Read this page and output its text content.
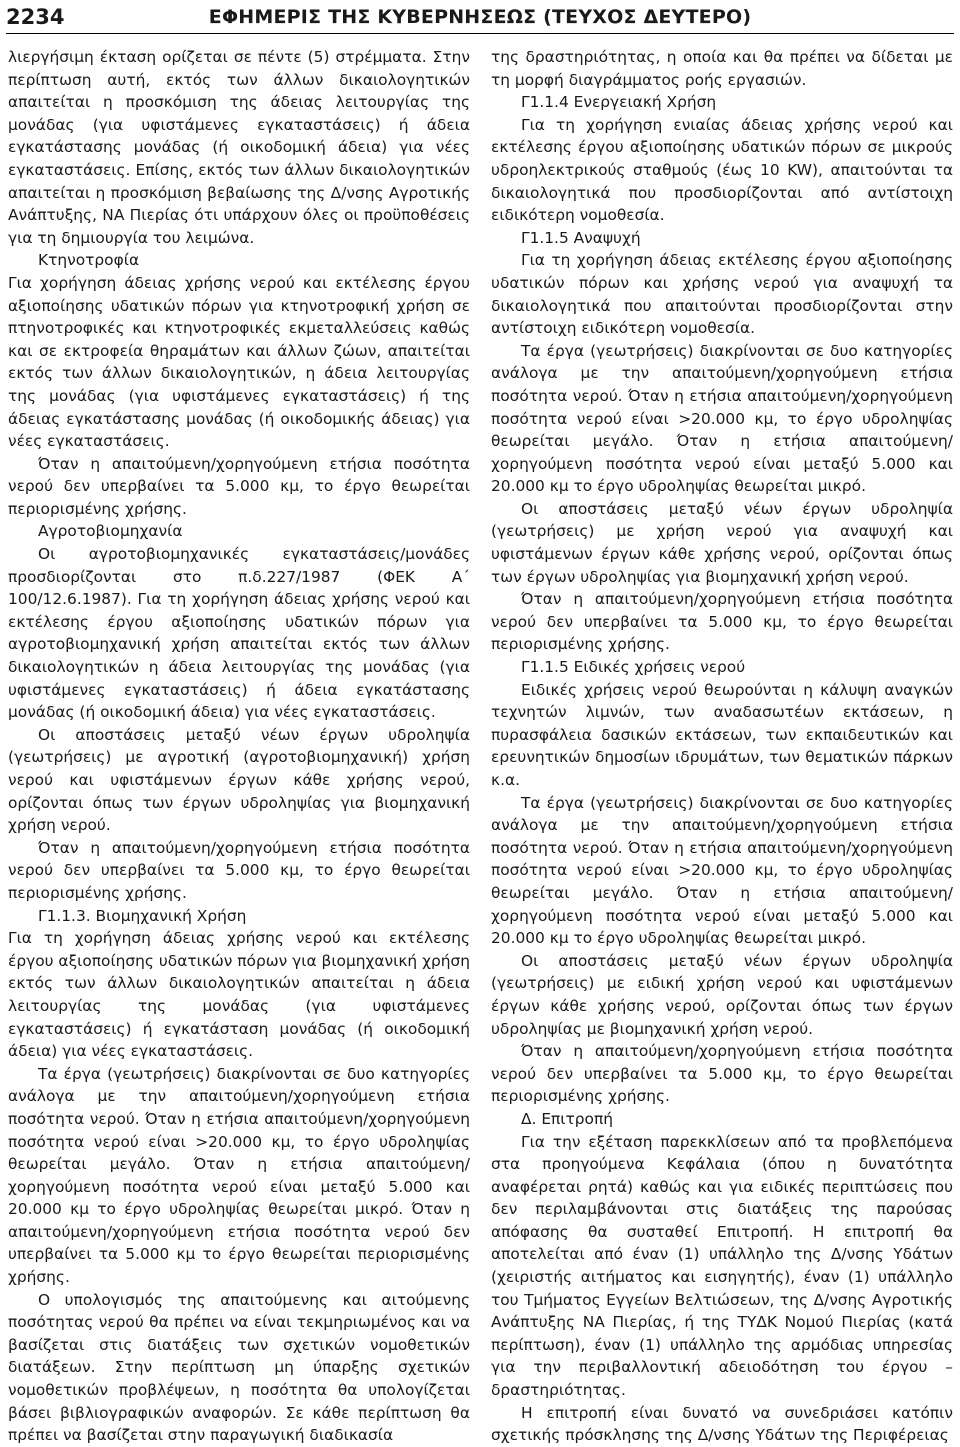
2234	ΕΦΗΜΕΡΙΣ ΤΗΣ ΚΥΒΕΡΝΗΣΕΩΣ (ΤΕΥΧΟΣ ΔΕΥΤΕΡΟ)

λιεργήσιμη έκταση ορίζεται σε πέντε (5) στρέμματα. Στην περίπτωση αυτή, εκτός των άλλων δικαιολογητικών απαιτείται η προσκόμιση της άδειας λειτουργίας της μονάδας (για υφιστάμενες εγκαταστάσεις) ή άδεια εγκατάστασης μονάδας (ή οικοδομική άδεια) για νέες εγκαταστάσεις. Επίσης, εκτός των άλλων δικαιολογητικών απαιτείται η προσκόμιση βεβαίωσης της Δ/νσης Αγροτικής Ανάπτυξης, ΝΑ Πιερίας ότι υπάρχουν όλες οι προϋποθέσεις για τη δημιουργία του λειμώνα.

Κτηνοτροφία

Για χορήγηση άδειας χρήσης νερού και εκτέλεσης έργου αξιοποίησης υδατικών πόρων για κτηνοτροφική χρήση σε πτηνοτροφικές και κτηνοτροφικές εκμεταλλεύσεις καθώς και σε εκτροφεία θηραμάτων και άλλων ζώων, απαιτείται εκτός των άλλων δικαιολογητικών, η άδεια λειτουργίας της μονάδας (για υφιστάμενες εγκαταστάσεις) ή της άδειας εγκατάστασης μονάδας (ή οικοδομικής άδειας) για νέες εγκαταστάσεις.

Όταν η απαιτούμενη/χορηγούμενη ετήσια ποσότητα νερού δεν υπερβαίνει τα 5.000 κμ, το έργο θεωρείται περιορισμένης χρήσης.

Αγροτοβιομηχανία

Οι αγροτοβιομηχανικές εγκαταστάσεις/μονάδες προσδιορίζονται στο π.δ.227/1987 (ΦΕΚ Α΄ 100/12.6.1987). Για τη χορήγηση άδειας χρήσης νερού και εκτέλεσης έργου αξιοποίησης υδατικών πόρων για αγροτοβιομηχανική χρήση απαιτείται εκτός των άλλων δικαιολογητικών η άδεια λειτουργίας της μονάδας (για υφιστάμενες εγκαταστάσεις) ή άδεια εγκατάστασης μονάδας (ή οικοδομική άδεια) για νέες εγκαταστάσεις.

Οι αποστάσεις μεταξύ νέων έργων υδροληψία (γεωτρήσεις) με αγροτική (αγροτοβιομηχανική) χρήση νερού και υφιστάμενων έργων κάθε χρήσης νερού, ορίζονται όπως των έργων υδροληψίας για βιομηχανική χρήση νερού.

Όταν η απαιτούμενη/χορηγούμενη ετήσια ποσότητα νερού δεν υπερβαίνει τα 5.000 κμ, το έργο θεωρείται περιορισμένης χρήσης.

Γ1.1.3. Βιομηχανική Χρήση

Για τη χορήγηση άδειας χρήσης νερού και εκτέλεσης έργου αξιοποίησης υδατικών πόρων για βιομηχανική χρήση εκτός των άλλων δικαιολογητικών απαιτείται η άδεια λειτουργίας της μονάδας (για υφιστάμενες εγκαταστάσεις) ή εγκατάσταση μονάδας (ή οικοδομική άδεια) για νέες εγκαταστάσεις.

Τα έργα (γεωτρήσεις) διακρίνονται σε δυο κατηγορίες ανάλογα με την απαιτούμενη/χορηγούμενη ετήσια ποσότητα νερού. Όταν η ετήσια απαιτούμενη/χορηγούμενη ποσότητα νερού είναι >20.000 κμ, το έργο υδροληψίας θεωρείται μεγάλο. Όταν η ετήσια απαιτούμενη/χορηγούμενη ποσότητα νερού είναι μεταξύ 5.000 και 20.000 κμ το έργο υδροληψίας θεωρείται μικρό. Όταν η απαιτούμενη/χορηγούμενη ετήσια ποσότητα νερού δεν υπερβαίνει τα 5.000 κμ το έργο θεωρείται περιορισμένης χρήσης.

Ο υπολογισμός της απαιτούμενης και αιτούμενης ποσότητας νερού θα πρέπει να είναι τεκμηριωμένος και να βασίζεται στις διατάξεις των σχετικών νομοθετικών διατάξεων. Στην περίπτωση μη ύπαρξης σχετικών νομοθετικών προβλέψεων, η ποσότητα θα υπολογίζεται βάσει βιβλιογραφικών αναφορών. Σε κάθε περίπτωση θα πρέπει να βασίζεται στην παραγωγική διαδικασία

της δραστηριότητας, η οποία και θα πρέπει να δίδεται με τη μορφή διαγράμματος ροής εργασιών.

Γ1.1.4 Ενεργειακή Χρήση

Για τη χορήγηση ενιαίας άδειας χρήσης νερού και εκτέλεσης έργου αξιοποίησης υδατικών πόρων σε μικρούς υδροηλεκτρικούς σταθμούς (έως 10 KW), απαιτούνται τα δικαιολογητικά που προσδιορίζονται από αντίστοιχη ειδικότερη νομοθεσία.

Γ1.1.5 Αναψυχή

Για τη χορήγηση άδειας εκτέλεσης έργου αξιοποίησης υδατικών πόρων και χρήσης νερού για αναψυχή τα δικαιολογητικά που απαιτούνται προσδιορίζονται στην αντίστοιχη ειδικότερη νομοθεσία.

Τα έργα (γεωτρήσεις) διακρίνονται σε δυο κατηγορίες ανάλογα με την απαιτούμενη/χορηγούμενη ετήσια ποσότητα νερού. Όταν η ετήσια απαιτούμενη/χορηγούμενη ποσότητα νερού είναι >20.000 κμ, το έργο υδροληψίας θεωρείται μεγάλο. Όταν η ετήσια απαιτούμενη/χορηγούμενη ποσότητα νερού είναι μεταξύ 5.000 και 20.000 κμ το έργο υδροληψίας θεωρείται μικρό.

Οι αποστάσεις μεταξύ νέων έργων υδροληψία (γεωτρήσεις) με χρήση νερού για αναψυχή και υφιστάμενων έργων κάθε χρήσης νερού, ορίζονται όπως των έργων υδροληψίας για βιομηχανική χρήση νερού.

Όταν η απαιτούμενη/χορηγούμενη ετήσια ποσότητα νερού δεν υπερβαίνει τα 5.000 κμ, το έργο θεωρείται περιορισμένης χρήσης.

Γ1.1.5 Ειδικές χρήσεις νερού

Ειδικές χρήσεις νερού θεωρούνται η κάλυψη αναγκών τεχνητών λιμνών, των αναδασωτέων εκτάσεων, η πυρασφάλεια δασικών εκτάσεων, των εκπαιδευτικών και ερευνητικών δημοσίων ιδρυμάτων, των θεματικών πάρκων κ.α.

Τα έργα (γεωτρήσεις) διακρίνονται σε δυο κατηγορίες ανάλογα με την απαιτούμενη/χορηγούμενη ετήσια ποσότητα νερού. Όταν η ετήσια απαιτούμενη/χορηγούμενη ποσότητα νερού είναι >20.000 κμ, το έργο υδροληψίας θεωρείται μεγάλο. Όταν η ετήσια απαιτούμενη/χορηγούμενη ποσότητα νερού είναι μεταξύ 5.000 και 20.000 κμ το έργο υδροληψίας θεωρείται μικρό.

Οι αποστάσεις μεταξύ νέων έργων υδροληψία (γεωτρήσεις) με ειδική χρήση νερού και υφιστάμενων έργων κάθε χρήσης νερού, ορίζονται όπως των έργων υδροληψίας με βιομηχανική χρήση νερού.

Όταν η απαιτούμενη/χορηγούμενη ετήσια ποσότητα νερού δεν υπερβαίνει τα 5.000 κμ, το έργο θεωρείται περιορισμένης χρήσης.

Δ. Επιτροπή

Για την εξέταση παρεκκλίσεων από τα προβλεπόμενα στα προηγούμενα Κεφάλαια (όπου η δυνατότητα αναφέρεται ρητά) καθώς και για ειδικές περιπτώσεις που δεν περιλαμβάνονται στις διατάξεις της παρούσας απόφασης θα συσταθεί Επιτροπή. Η επιτροπή θα αποτελείται από έναν (1) υπάλληλο της Δ/νσης Υδάτων (χειριστής αιτήματος και εισηγητής), έναν (1) υπάλληλο του Τμήματος Εγγείων Βελτιώσεων, της Δ/νσης Αγροτικής Ανάπτυξης ΝΑ Πιερίας, ή της ΤΥΔΚ Νομού Πιερίας (κατά περίπτωση), έναν (1) υπάλληλο της αρμόδιας υπηρεσίας για την περιβαλλοντική αδειοδότηση του έργου – δραστηριότητας.

Η επιτροπή είναι δυνατό να συνεδριάσει κατόπιν σχετικής πρόσκλησης της Δ/νσης Υδάτων της Περιφέρειας
